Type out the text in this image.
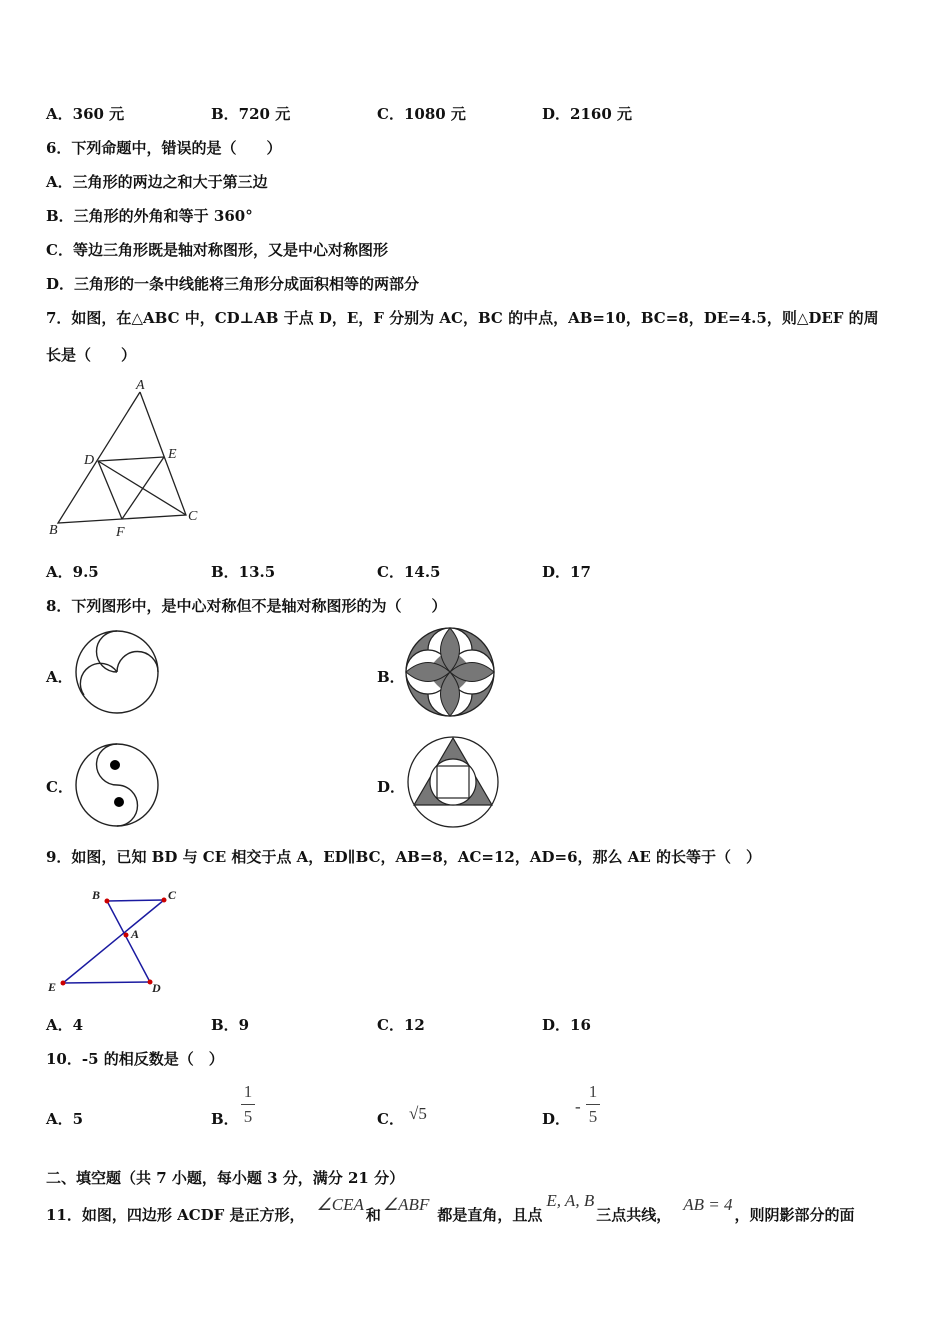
A．360 元	B．720 元	C．1080 元	D．2160 元
6．下列命题中，错误的是（　　）
A．三角形的两边之和大于第三边
B．三角形的外角和等于 360°
C．等边三角形既是轴对称图形，又是中心对称图形
D．三角形的一条中线能将三角形分成面积相等的两部分
7．如图，在△ABC 中，CD⊥AB 于点 D，E，F 分别为 AC，BC 的中点，AB=10，BC=8，DE=4.5，则△DEF 的周
长是（　　）
A
D	E
B	F
C
A．9.5	B．13.5	C．14.5	D．17
8．下列图形中，是中心对称但不是轴对称图形的为（　　）
A．	B．
C．	D．
9．如图，已知 BD 与 CE 相交于点 A，ED∥BC，AB=8，AC=12，AD=6，那么 AE 的长等于（　）
B	C
A
E	D
A．4	B．9	C．12	D．16
10．-5 的相反数是（　）
A．5	B．
1
5	C． √5	D．
-
1
5
二、填空题（共 7 小题，每小题 3 分，满分 21 分）
11．如图，四边形 ACDF 是正方形，∠CEA和∠ABF都是直角，且点E, A, B三点共线，AB = 4，则阴影部分的面
